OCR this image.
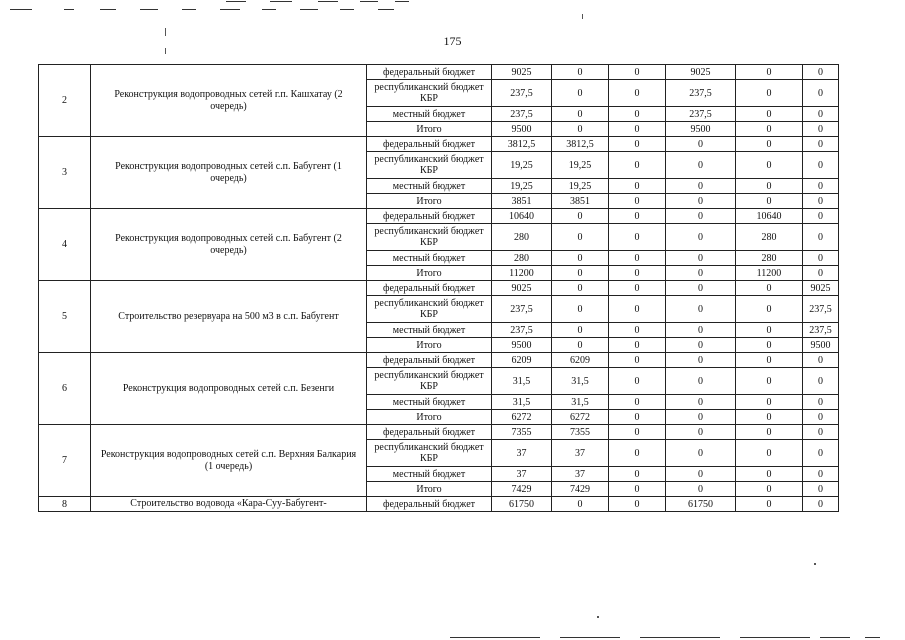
175
2	Реконструкция водопроводных сетей г.п. Кашхатау (2 очередь)	федеральный бюджет	9025	0	0	9025	0	0
		республиканский бюджет КБР	237,5	0	0	237,5	0	0
		местный бюджет	237,5	0	0	237,5	0	0
		Итого	9500	0	0	9500	0	0
3	Реконструкция водопроводных сетей с.п. Бабугент (1 очередь)	федеральный бюджет	3812,5	3812,5	0	0	0	0
		республиканский бюджет КБР	19,25	19,25	0	0	0	0
		местный бюджет	19,25	19,25	0	0	0	0
		Итого	3851	3851	0	0	0	0
4	Реконструкция водопроводных сетей с.п. Бабугент (2 очередь)	федеральный бюджет	10640	0	0	0	10640	0
		республиканский бюджет КБР	280	0	0	0	280	0
		местный бюджет	280	0	0	0	280	0
		Итого	11200	0	0	0	11200	0
5	Строительство резервуара на 500 м3 в с.п. Бабугент	федеральный бюджет	9025	0	0	0	0	9025
		республиканский бюджет КБР	237,5	0	0	0	0	237,5
		местный бюджет	237,5	0	0	0	0	237,5
		Итого	9500	0	0	0	0	9500
6	Реконструкция водопроводных сетей с.п. Безенги	федеральный бюджет	6209	6209	0	0	0	0
		республиканский бюджет КБР	31,5	31,5	0	0	0	0
		местный бюджет	31,5	31,5	0	0	0	0
		Итого	6272	6272	0	0	0	0
7	Реконструкция водопроводных сетей с.п. Верхняя Балкария (1 очередь)	федеральный бюджет	7355	7355	0	0	0	0
		республиканский бюджет КБР	37	37	0	0	0	0
		местный бюджет	37	37	0	0	0	0
		Итого	7429	7429	0	0	0	0
8	Строительство водовода «Кара-Суу-Бабугент-	федеральный бюджет	61750	0	0	61750	0	0
